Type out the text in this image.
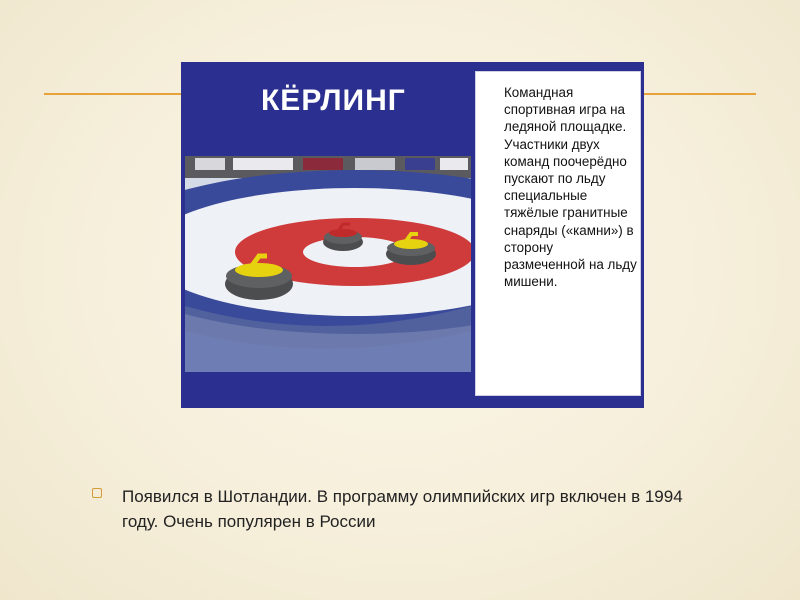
КЁРЛИНГ	Командная спортивная игра на ледяной площадке. Участники двух команд поочерёдно пускают по льду специальные тяжёлые гранитные снаряды («камни») в сторону размеченной на льду мишени.

Появился в Шотландии. В программу олимпийских игр включен в 1994 году. Очень популярен в России
